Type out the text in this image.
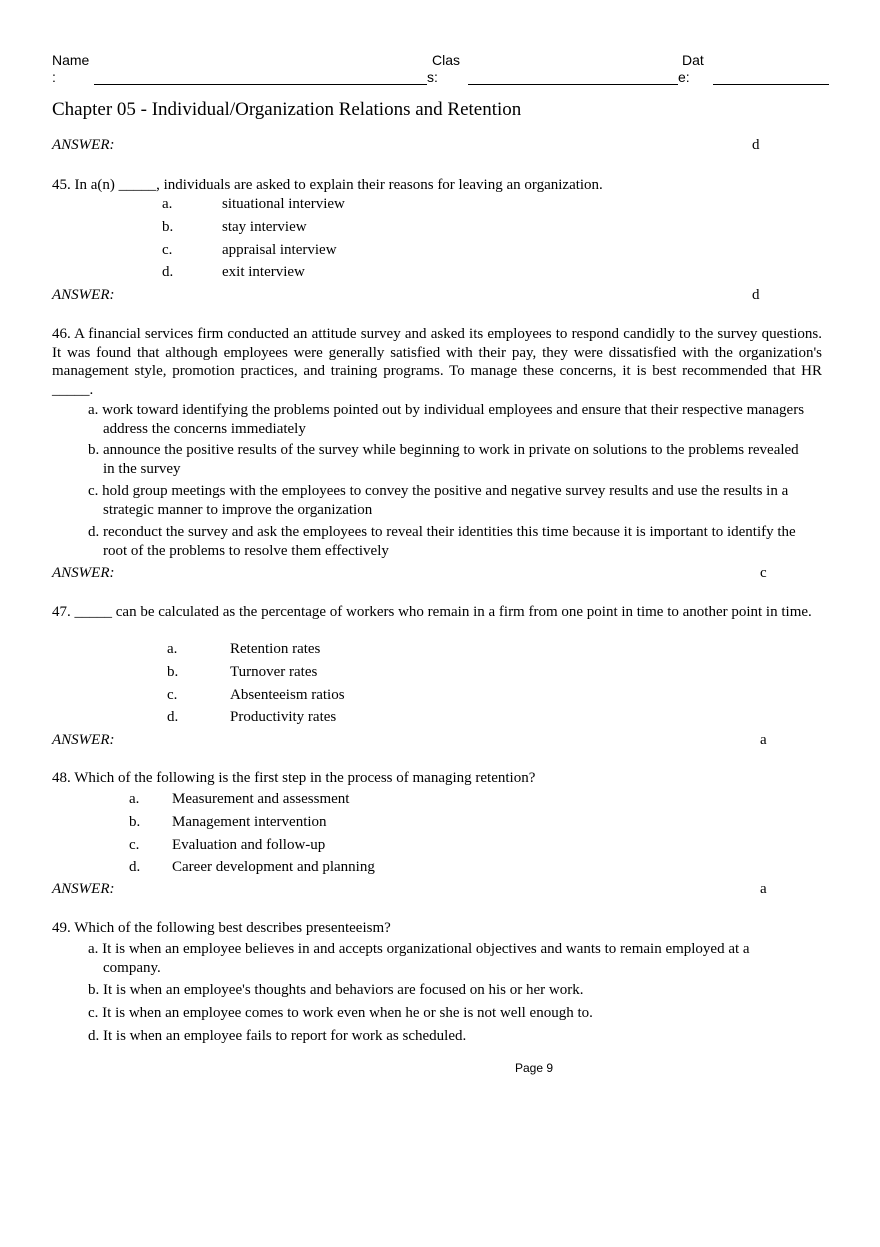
Name
:
Clas
s:
Dat
e:
Chapter 05 - Individual/Organization Relations and Retention
ANSWER:	d
45. In a(n) _____, individuals are asked to explain their reasons for leaving an organization.
a.	situational interview
b.	stay interview
c.	appraisal interview
d.	exit interview
ANSWER:	d
46. A financial services firm conducted an attitude survey and asked its employees to respond candidly to the survey questions. It was found that although employees were generally satisfied with their pay, they were dissatisfied with the organization's management style, promotion practices, and training programs. To manage these concerns, it is best recommended that HR _____.
a. work toward identifying the problems pointed out by individual employees and ensure that their respective managers address the concerns immediately
b. announce the positive results of the survey while beginning to work in private on solutions to the problems revealed in the survey
c. hold group meetings with the employees to convey the positive and negative survey results and use the results in a strategic manner to improve the organization
d. reconduct the survey and ask the employees to reveal their identities this time because it is important to identify the root of the problems to resolve them effectively
ANSWER:	c
47. _____ can be calculated as the percentage of workers who remain in a firm from one point in time to another point in time.
a.	Retention rates
b.	Turnover rates
c.	Absenteeism ratios
d.	Productivity rates
ANSWER:	a
48. Which of the following is the first step in the process of managing retention?
a. Measurement and assessment
b. Management intervention
c. Evaluation and follow-up
d. Career development and planning
ANSWER:	a
49. Which of the following best describes presenteeism?
a. It is when an employee believes in and accepts organizational objectives and wants to remain employed at a company.
b. It is when an employee's thoughts and behaviors are focused on his or her work.
c. It is when an employee comes to work even when he or she is not well enough to.
d. It is when an employee fails to report for work as scheduled.
Page 9
